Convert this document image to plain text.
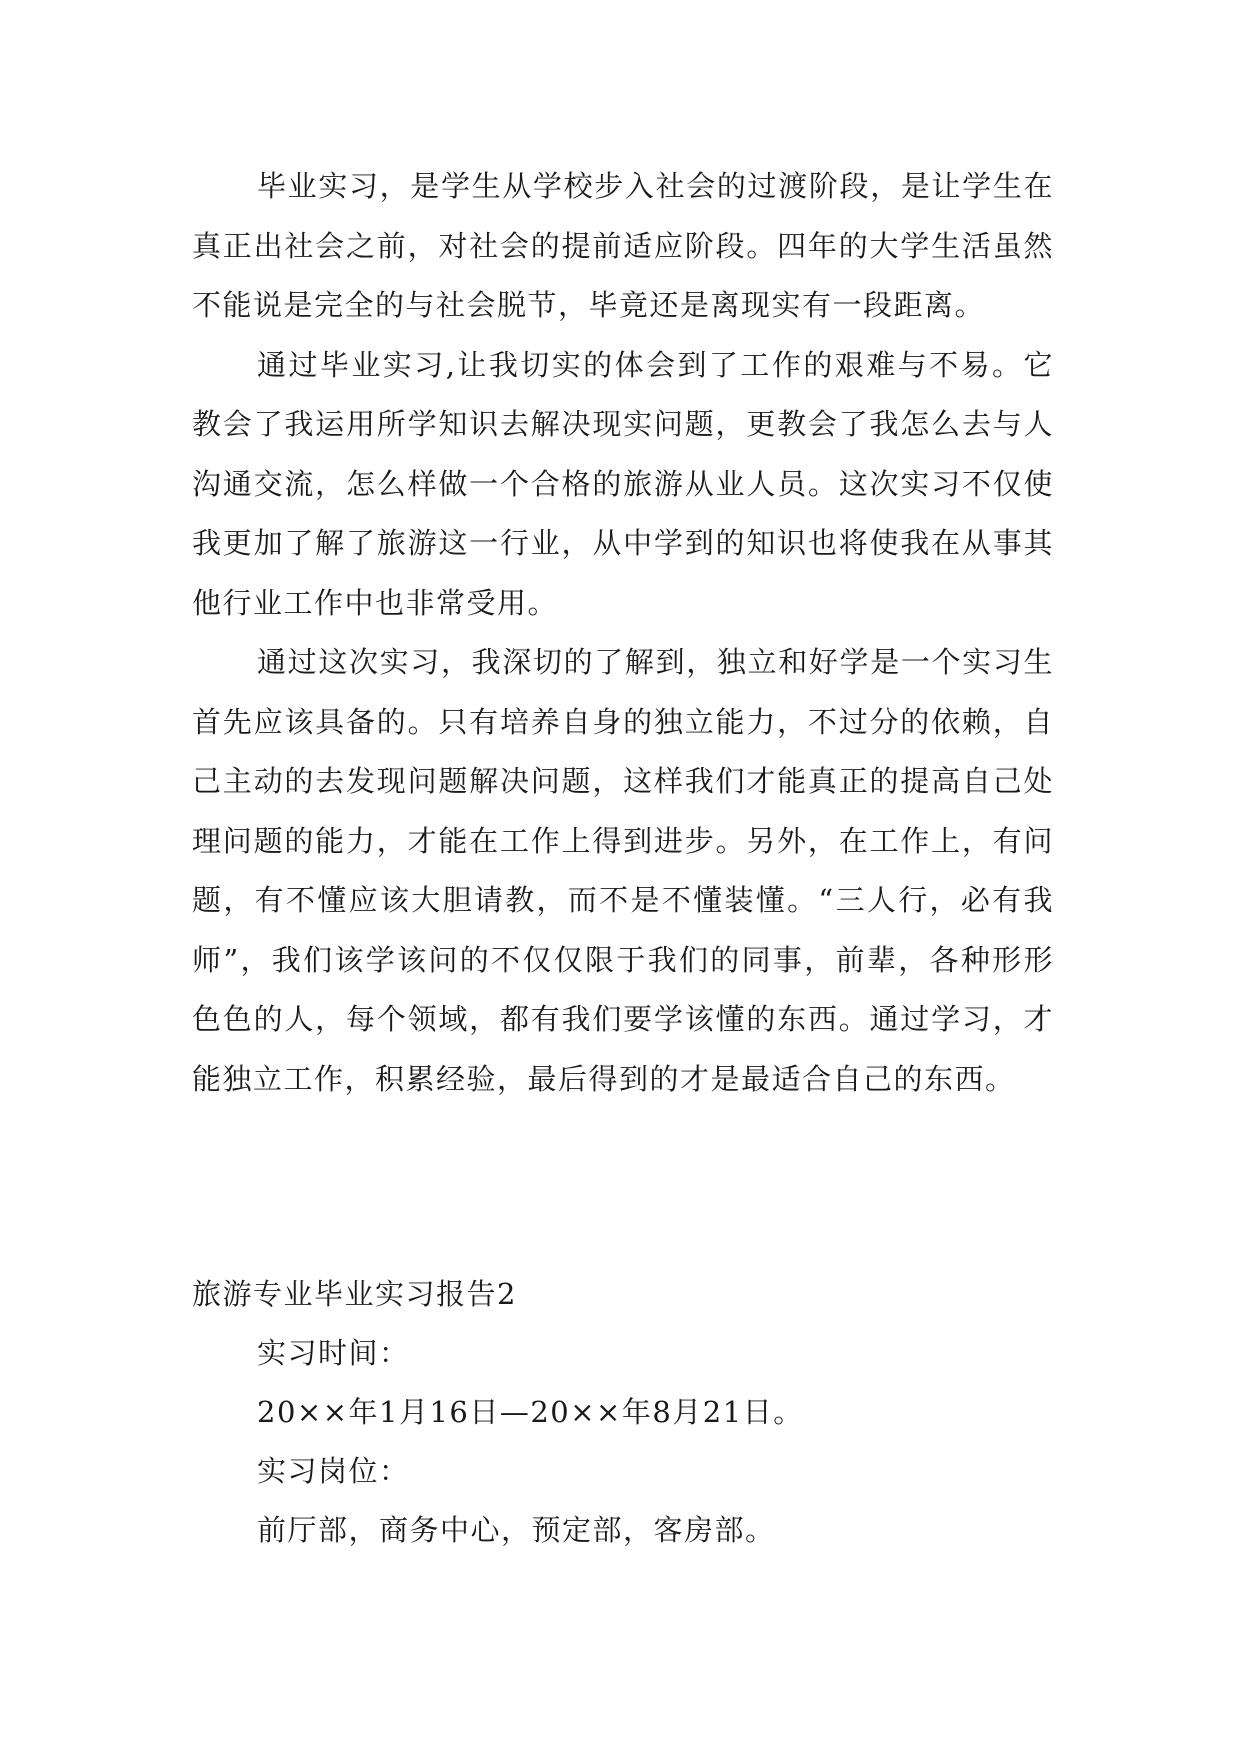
毕业实习，是学生从学校步入社会的过渡阶段，是让学生在真正出社会之前，对社会的提前适应阶段。四年的大学生活虽然不能说是完全的与社会脱节，毕竟还是离现实有一段距离。

通过毕业实习,让我切实的体会到了工作的艰难与不易。它教会了我运用所学知识去解决现实问题，更教会了我怎么去与人沟通交流，怎么样做一个合格的旅游从业人员。这次实习不仅使我更加了解了旅游这一行业，从中学到的知识也将使我在从事其他行业工作中也非常受用。

通过这次实习，我深切的了解到，独立和好学是一个实习生首先应该具备的。只有培养自身的独立能力，不过分的依赖，自己主动的去发现问题解决问题，这样我们才能真正的提高自己处理问题的能力，才能在工作上得到进步。另外，在工作上，有问题，有不懂应该大胆请教，而不是不懂装懂。“三人行，必有我师”，我们该学该问的不仅仅限于我们的同事，前辈，各种形形色色的人，每个领域，都有我们要学该懂的东西。通过学习，才能独立工作，积累经验，最后得到的才是最适合自己的东西。

旅游专业毕业实习报告2

实习时间：

20××年1月16日—20××年8月21日。

实习岗位：

前厅部，商务中心，预定部，客房部。
